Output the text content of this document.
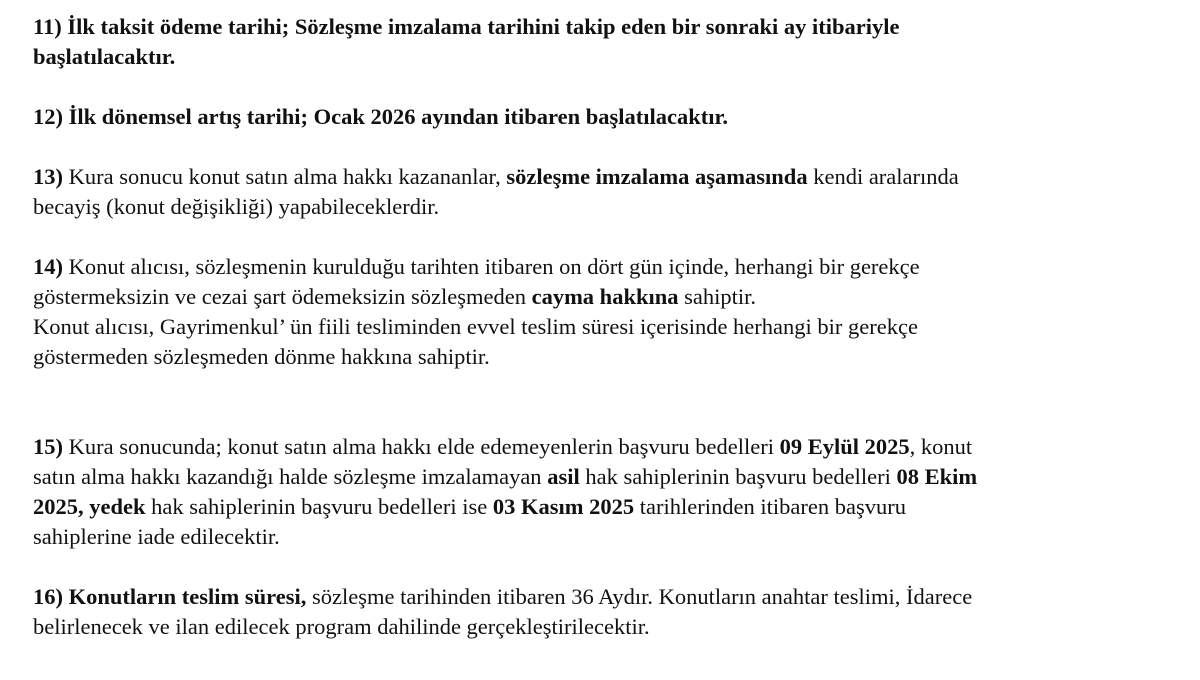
11) İlk taksit ödeme tarihi; Sözleşme imzalama tarihini takip eden bir sonraki ay itibariyle
başlatılacaktır.

12) İlk dönemsel artış tarihi; Ocak 2026 ayından itibaren başlatılacaktır.

13) Kura sonucu konut satın alma hakkı kazananlar, sözleşme imzalama aşamasında kendi aralarında
becayiş (konut değişikliği) yapabileceklerdir.

14) Konut alıcısı, sözleşmenin kurulduğu tarihten itibaren on dört gün içinde, herhangi bir gerekçe
göstermeksizin ve cezai şart ödemeksizin sözleşmeden cayma hakkına sahiptir.
Konut alıcısı, Gayrimenkul’ ün fiili tesliminden evvel teslim süresi içerisinde herhangi bir gerekçe
göstermeden sözleşmeden dönme hakkına sahiptir.

15) Kura sonucunda; konut satın alma hakkı elde edemeyenlerin başvuru bedelleri 09 Eylül 2025, konut
satın alma hakkı kazandığı halde sözleşme imzalamayan asil hak sahiplerinin başvuru bedelleri 08 Ekim
2025, yedek hak sahiplerinin başvuru bedelleri ise 03 Kasım 2025 tarihlerinden itibaren başvuru
sahiplerine iade edilecektir.

16) Konutların teslim süresi, sözleşme tarihinden itibaren 36 Aydır. Konutların anahtar teslimi, İdarece
belirlenecek ve ilan edilecek program dahilinde gerçekleştirilecektir.
